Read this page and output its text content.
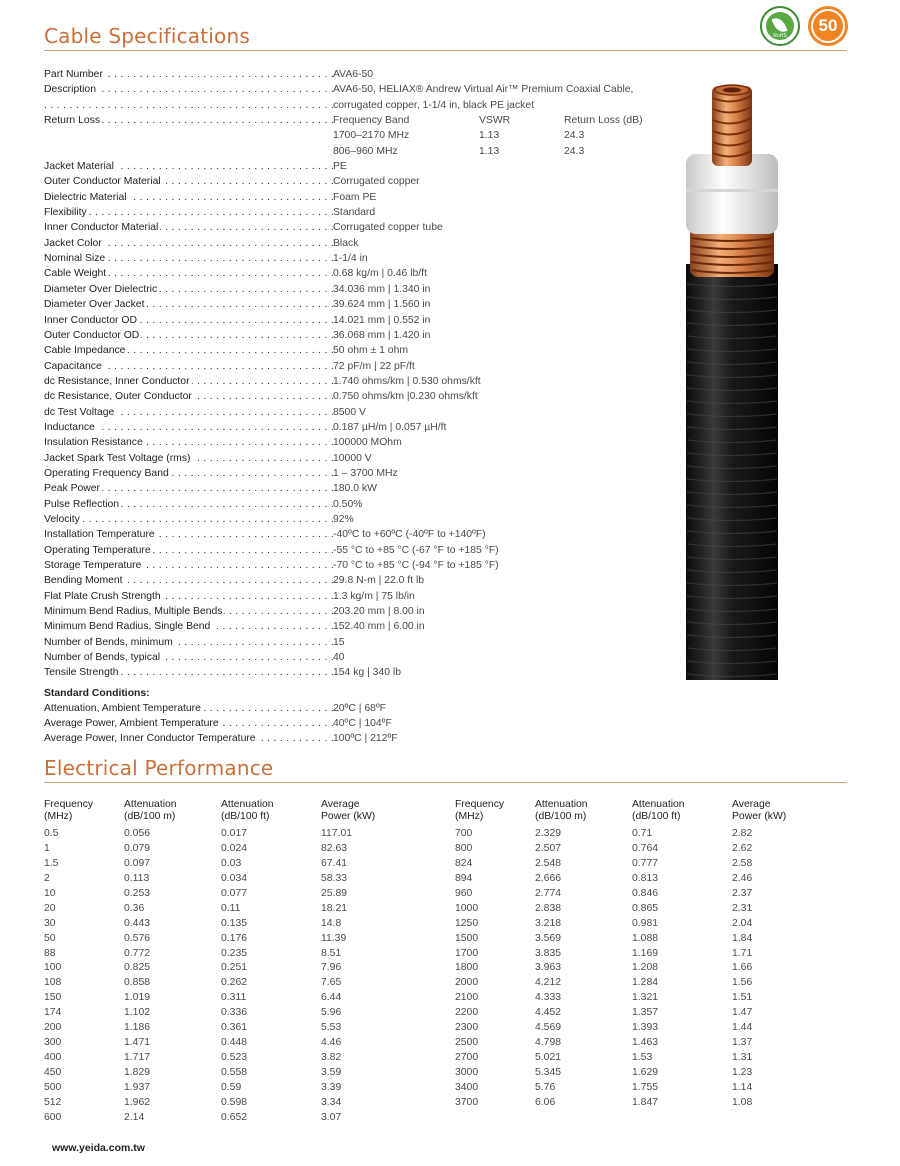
Cable Specifications	RoHS
50
Part Number . . .	AVA6-50
Description . . .	AVA6-50, HELIAX® Andrew Virtual Air™ Premium Coaxial Cable,
. . .
corrugated copper, 1-1/4 in, black PE jacket
Return Loss . . .	Frequency Band	VSWR	Return Loss (dB)
1700–2170 MHz	1.13	24.3
806–960 MHz	1.13	24.3
Jacket Material . . .	PE
Outer Conductor Material . . .	Corrugated copper
Dielectric Material . . .	Foam PE
Flexibility . . .	Standard
Inner Conductor Material . . .	Corrugated copper tube
Jacket Color . . .	Black
Nominal Size . . .	1-1/4 in
Cable Weight . . .	0.68 kg/m | 0.46 lb/ft
Diameter Over Dielectric . . .	34.036 mm | 1.340 in
Diameter Over Jacket . . .	39.624 mm | 1.560 in
Inner Conductor OD . . .	14.021 mm | 0.552 in
Outer Conductor OD . . .	36.068 mm | 1.420 in
Cable Impedance . . .	50 ohm ± 1 ohm
Capacitance . . .	72 pF/m | 22 pF/ft
dc Resistance, Inner Conductor . . .	1.740 ohms/km | 0.530 ohms/kft
dc Resistance, Outer Conductor . . .	0.750 ohms/km |0.230 ohms/kft
dc Test Voltage . . .	8500 V
Inductance . . .	0.187 µH/m | 0.057 µH/ft
Insulation Resistance . . .	100000 MOhm
Jacket Spark Test Voltage (rms) . . .	10000 V
Operating Frequency Band . . .	1 – 3700 MHz
Peak Power . . .	180.0 kW
Pulse Reflection . . .	0.50%
Velocity . . .	92%
Installation Temperature . . .	-40ºC to +60ºC (-40ºF to +140ºF)
Operating Temperature . . .	-55 °C to +85 °C (-67 °F to +185 °F)
Storage Temperature . . .	-70 °C to +85 °C (-94 °F to +185 °F)
Bending Moment . . .	29.8 N-m | 22.0 ft lb
Flat Plate Crush Strength . . .	1.3 kg/m | 75 lb/in
Minimum Bend Radius, Multiple Bends . . .	203.20 mm | 8.00 in
Minimum Bend Radius, Single Bend . . .	152.40 mm | 6.00 in
Number of Bends, minimum . . .	15
Number of Bends, typical . . .	40
Tensile Strength . . .	154 kg | 340 lb
Standard Conditions:
Attenuation, Ambient Temperature . . .	20ºC | 68ºF
Average Power, Ambient Temperature . . .	40ºC | 104ºF
Average Power, Inner Conductor Temperature . . .	100ºC | 212ºF
Electrical Performance
Frequency
(MHz)
Attenuation
(dB/100 m)
Attenuation
(dB/100 ft)
Average
Power (kW)
0.5	0.056	0.017	117.01
1	0.079	0.024	82.63
1.5	0.097	0.03	67.41
2	0.113	0.034	58.33
10	0.253	0.077	25.89
20	0.36	0.11	18.21
30	0.443	0.135	14.8
50	0.576	0.176	11.39
88	0.772	0.235	8.51
100	0.825	0.251	7.96
108	0.858	0.262	7.65
150	1.019	0.311	6.44
174	1.102	0.336	5.96
200	1.186	0.361	5.53
300	1.471	0.448	4.46
400	1.717	0.523	3.82
450	1.829	0.558	3.59
500	1.937	0.59	3.39
512	1.962	0.598	3.34
600	2.14	0.652	3.07
Frequency
(MHz)
Attenuation
(dB/100 m)
Attenuation
(dB/100 ft)
Average
Power (kW)
700	2.329	0.71	2.82
800	2.507	0.764	2.62
824	2.548	0.777	2.58
894	2.666	0.813	2.46
960	2.774	0.846	2.37
1000	2.838	0.865	2.31
1250	3.218	0.981	2.04
1500	3.569	1.088	1.84
1700	3.835	1.169	1.71
1800	3.963	1.208	1.66
2000	4.212	1.284	1.56
2100	4.333	1.321	1.51
2200	4.452	1.357	1.47
2300	4.569	1.393	1.44
2500	4.798	1.463	1.37
2700	5.021	1.53	1.31
3000	5.345	1.629	1.23
3400	5.76	1.755	1.14
3700	6.06	1.847	1.08
www.yeida.com.tw
